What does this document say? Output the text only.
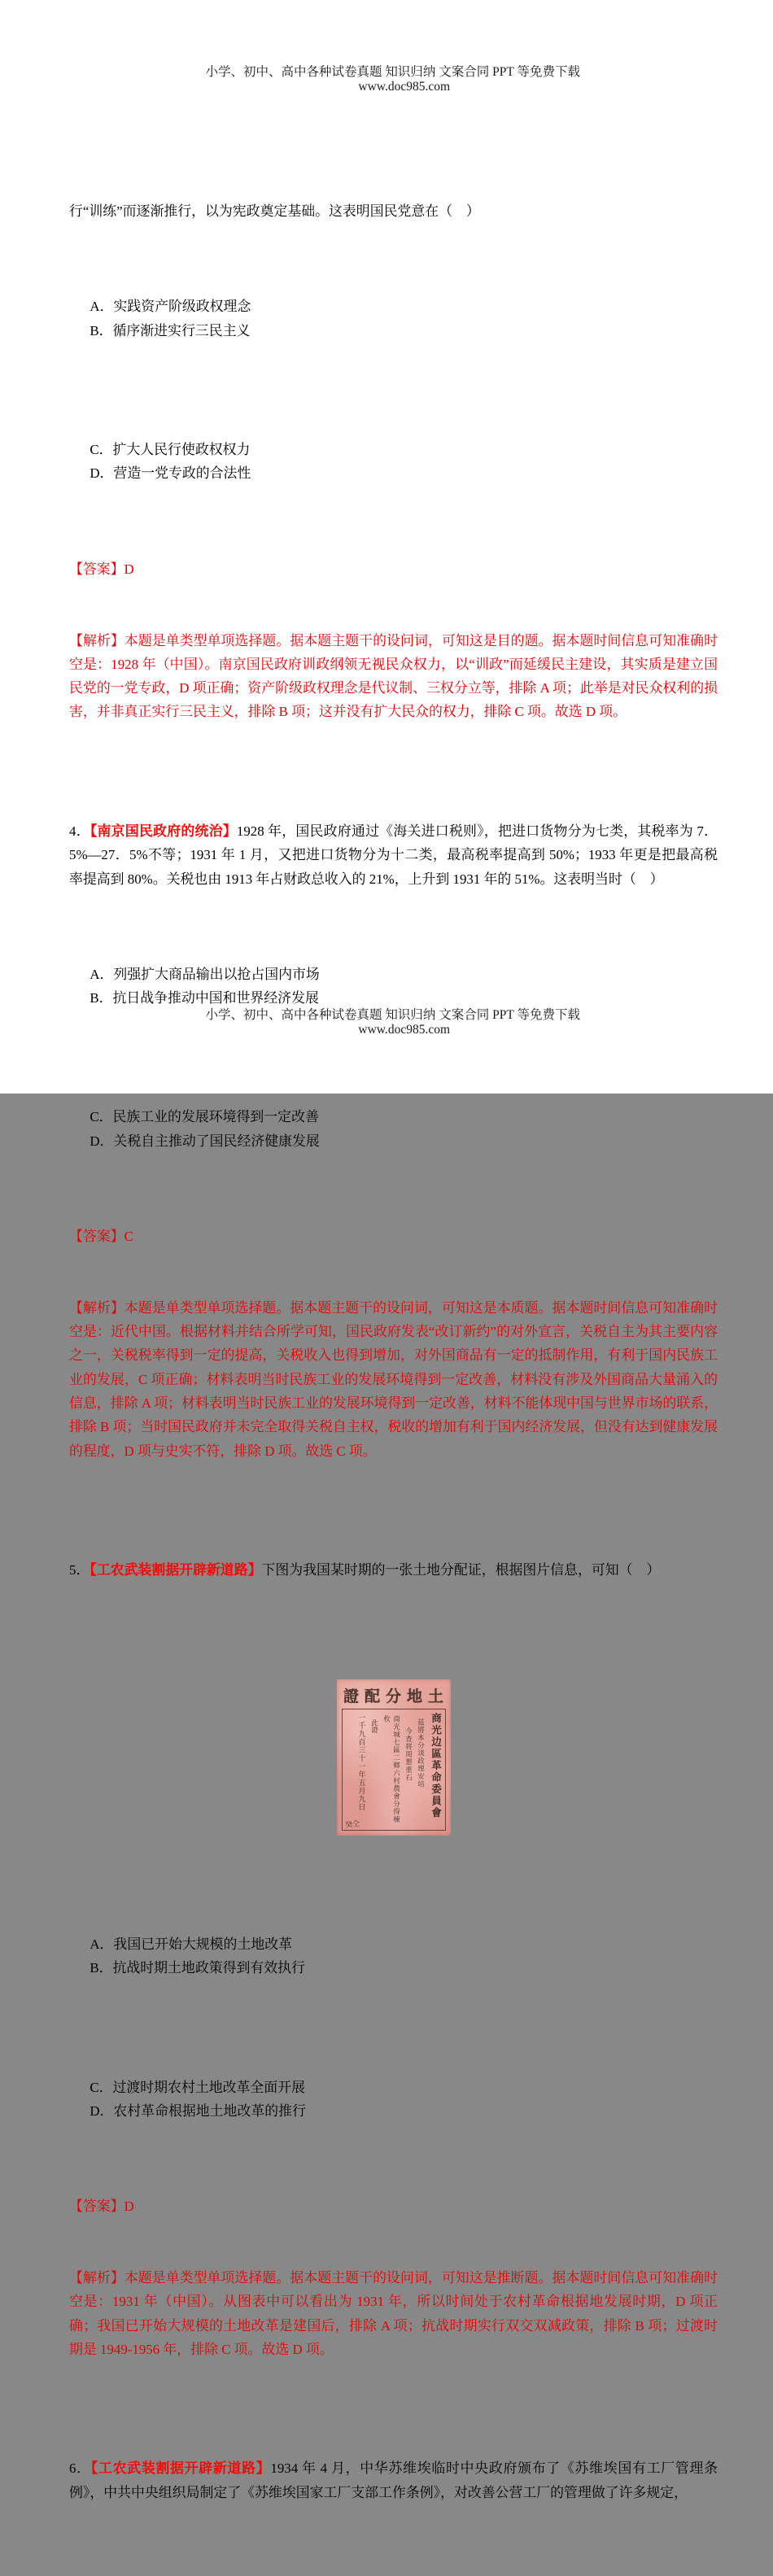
小学、初中、高中各种试卷真题 知识归纳 文案合同 PPT 等免费下载
www.doc985.com

行“训练”而逐渐推行，以为宪政奠定基础。这表明国民党意在（    ）

A．实践资产阶级政权理念
B．循序渐进实行三民主义

C．扩大人民行使政权权力
D．营造一党专政的合法性

【答案】D

【解析】本题是单类型单项选择题。据本题主题干的设问词，可知这是目的题。据本题时间信息可知准确时空是：1928 年（中国）。南京国民政府训政纲领无视民众权力，以“训政”而延缓民主建设，其实质是建立国民党的一党专政，D 项正确；资产阶级政权理念是代议制、三权分立等，排除 A 项；此举是对民众权利的损害，并非真正实行三民主义，排除 B 项；这并没有扩大民众的权力，排除 C 项。故选 D 项。

4．【南京国民政府的统治】1928 年，国民政府通过《海关进口税则》，把进口货物分为七类，其税率为 7．5%—27．5%不等；1931 年 1 月，又把进口货物分为十二类，最高税率提高到 50%；1933 年更是把最高税率提高到 80%。关税也由 1913 年占财政总收入的 21%，上升到 1931 年的 51%。这表明当时（    ）

A．列强扩大商品输出以抢占国内市场
B．抗日战争推动中国和世界经济发展

C．民族工业的发展环境得到一定改善
D．关税自主推动了国民经济健康发展

【答案】C

【解析】本题是单类型单项选择题。据本题主题干的设问词，可知这是本质题。据本题时间信息可知准确时空是：近代中国。根据材料并结合所学可知，国民政府发表“改订新约”的对外宣言，关税自主为其主要内容之一，关税税率得到一定的提高，关税收入也得到增加，对外国商品有一定的抵制作用，有利于国内民族工业的发展，C 项正确；材料表明当时民族工业的发展环境得到一定改善，材料没有涉及外国商品大量涌入的信息，排除 A 项；材料表明当时民族工业的发展环境得到一定改善，材料不能体现中国与世界市场的联系，排除 B 项；当时国民政府并未完全取得关税自主权，税收的增加有利于国内经济发展，但没有达到健康发展的程度，D 项与史实不符，排除 D 项。故选 C 项。

5．【工农武装割据开辟新道路】下图为我国某时期的一张土地分配证，根据图片信息，可知（    ）

證配分地土
商光边區革命委員會
兹將本分谈政理安培
今查将周懇重石
商光城七區二鄉六村農會分得楝枚
此證
一千九百三十一年五月九日
癸仝

A．我国已开始大规模的土地改革
B．抗战时期土地政策得到有效执行

C．过渡时期农村土地改革全面开展
D．农村革命根据地土地改革的推行

【答案】D

【解析】本题是单类型单项选择题。据本题主题干的设问词，可知这是推断题。据本题时间信息可知准确时空是：1931 年（中国）。从图表中可以看出为 1931 年，所以时间处于农村革命根据地发展时期，D 项正确；我国已开始大规模的土地改革是建国后，排除 A 项；抗战时期实行双交双减政策，排除 B 项；过渡时期是 1949-1956 年，排除 C 项。故选 D 项。

6．【工农武装割据开辟新道路】1934 年 4 月，中华苏维埃临时中央政府颁布了《苏维埃国有工厂管理条例》，中共中央组织局制定了《苏维埃国家工厂支部工作条例》，对改善公营工厂的管理做了许多规定，

小学、初中、高中各种试卷真题 知识归纳 文案合同 PPT 等免费下载
www.doc985.com
